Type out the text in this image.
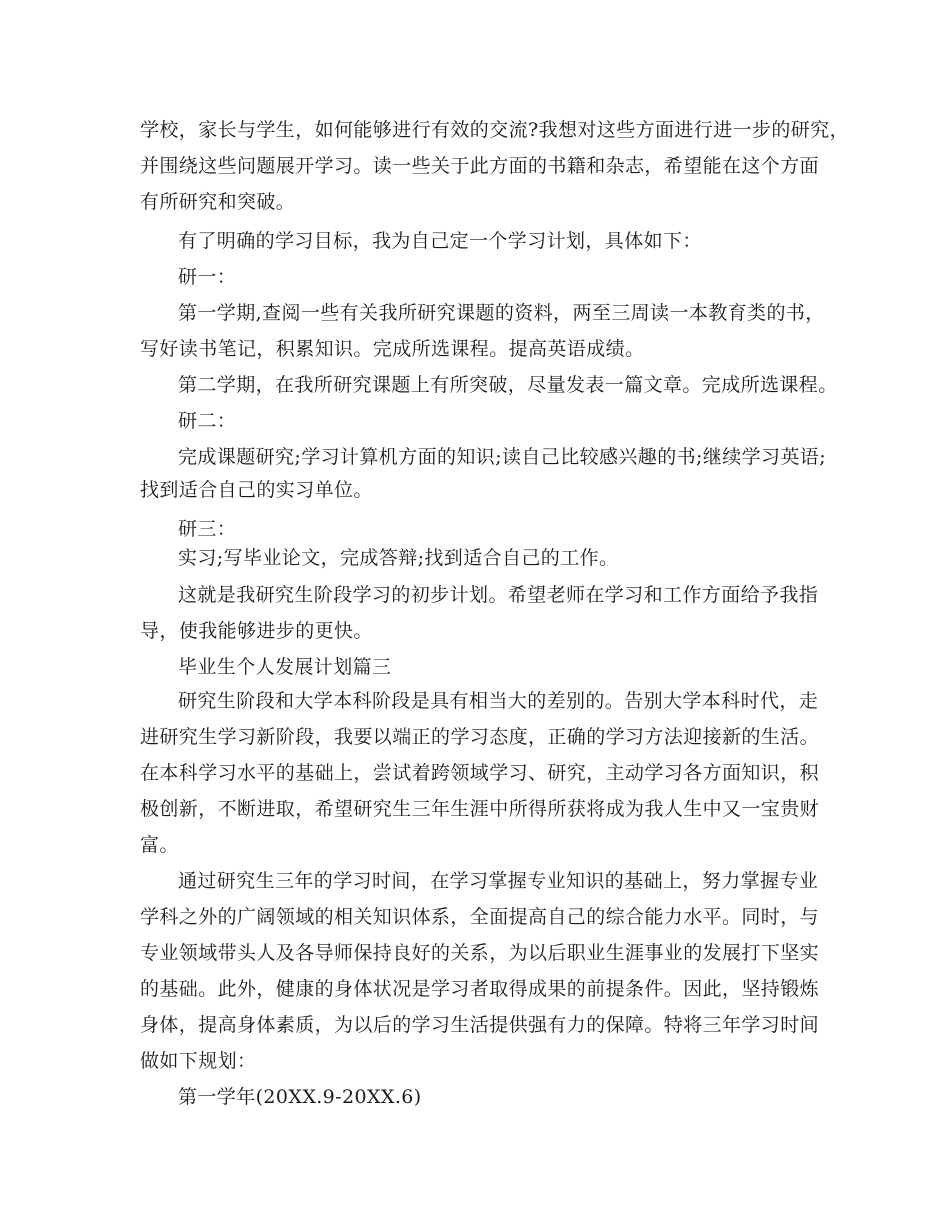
学校，家长与学生，如何能够进行有效的交流?我想对这些方面进行进一步的研究，

并围绕这些问题展开学习。读一些关于此方面的书籍和杂志，希望能在这个方面

有所研究和突破。

有了明确的学习目标，我为自己定一个学习计划，具体如下：

研一：

第一学期,查阅一些有关我所研究课题的资料，两至三周读一本教育类的书，

写好读书笔记，积累知识。完成所选课程。提高英语成绩。

第二学期，在我所研究课题上有所突破，尽量发表一篇文章。完成所选课程。

研二：

完成课题研究;学习计算机方面的知识;读自己比较感兴趣的书;继续学习英语;

找到适合自己的实习单位。

研三：

实习;写毕业论文，完成答辩;找到适合自己的工作。

这就是我研究生阶段学习的初步计划。希望老师在学习和工作方面给予我指

导，使我能够进步的更快。

毕业生个人发展计划篇三

研究生阶段和大学本科阶段是具有相当大的差别的。告别大学本科时代，走

进研究生学习新阶段，我要以端正的学习态度，正确的学习方法迎接新的生活。

在本科学习水平的基础上，尝试着跨领域学习、研究，主动学习各方面知识，积

极创新，不断进取，希望研究生三年生涯中所得所获将成为我人生中又一宝贵财

富。

通过研究生三年的学习时间，在学习掌握专业知识的基础上，努力掌握专业

学科之外的广阔领域的相关知识体系，全面提高自己的综合能力水平。同时，与

专业领域带头人及各导师保持良好的关系，为以后职业生涯事业的发展打下坚实

的基础。此外，健康的身体状况是学习者取得成果的前提条件。因此，坚持锻炼

身体，提高身体素质，为以后的学习生活提供强有力的保障。特将三年学习时间

做如下规划：

第一学年(20XX.9-20XX.6)
